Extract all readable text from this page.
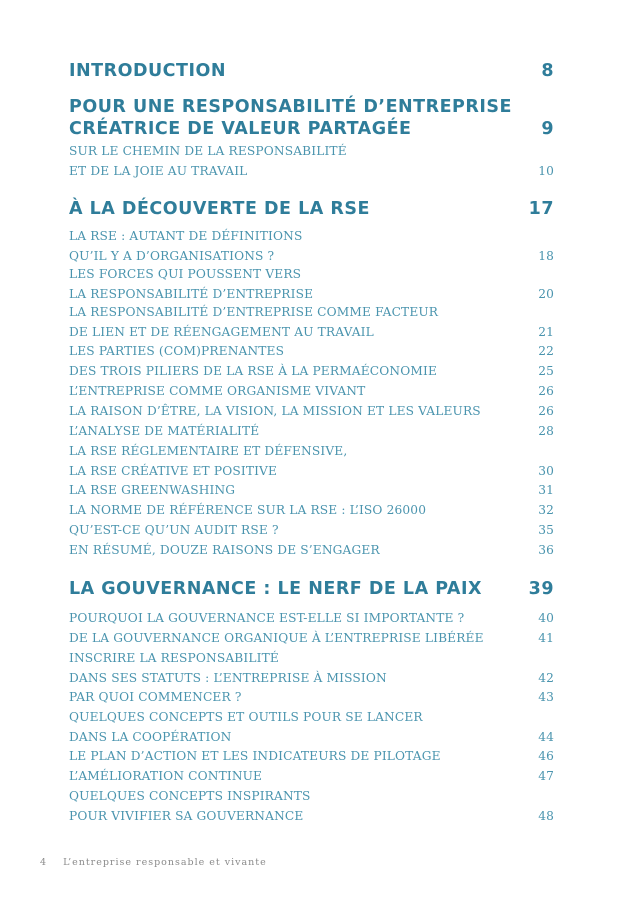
INTRODUCTION	8
POUR UNE RESPONSABILITÉ D’ENTREPRISE
CRÉATRICE DE VALEUR PARTAGÉE	9
SUR LE CHEMIN DE LA RESPONSABILITÉ
ET DE LA JOIE AU TRAVAIL	10
À LA DÉCOUVERTE DE LA RSE	17
LA RSE : AUTANT DE DÉFINITIONS
QU’IL Y A D’ORGANISATIONS ?	18
LES FORCES QUI POUSSENT VERS
LA RESPONSABILITÉ D’ENTREPRISE	20
LA RESPONSABILITÉ D’ENTREPRISE COMME FACTEUR
DE LIEN ET DE RÉENGAGEMENT AU TRAVAIL	21
LES PARTIES (COM)PRENANTES	22
DES TROIS PILIERS DE LA RSE À LA PERMAÉCONOMIE	25
L’ENTREPRISE COMME ORGANISME VIVANT	26
LA RAISON D’ÊTRE, LA VISION, LA MISSION ET LES VALEURS	26
L’ANALYSE DE MATÉRIALITÉ	28
LA RSE RÉGLEMENTAIRE ET DÉFENSIVE,
LA RSE CRÉATIVE ET POSITIVE	30
LA RSE GREENWASHING	31
LA NORME DE RÉFÉRENCE SUR LA RSE : L’ISO 26000	32
QU’EST-CE QU’UN AUDIT RSE ?	35
EN RÉSUMÉ, DOUZE RAISONS DE S’ENGAGER	36
LA GOUVERNANCE : LE NERF DE LA PAIX	39
POURQUOI LA GOUVERNANCE EST-ELLE SI IMPORTANTE ?	40
DE LA GOUVERNANCE ORGANIQUE À L’ENTREPRISE LIBÉRÉE	41
INSCRIRE LA RESPONSABILITÉ
DANS SES STATUTS : L’ENTREPRISE À MISSION	42
PAR QUOI COMMENCER ?	43
QUELQUES CONCEPTS ET OUTILS POUR SE LANCER
DANS LA COOPÉRATION	44
LE PLAN D’ACTION ET LES INDICATEURS DE PILOTAGE	46
L’AMÉLIORATION CONTINUE	47
QUELQUES CONCEPTS INSPIRANTS
POUR VIVIFIER SA GOUVERNANCE	48
4 L’entreprise responsable et vivante
